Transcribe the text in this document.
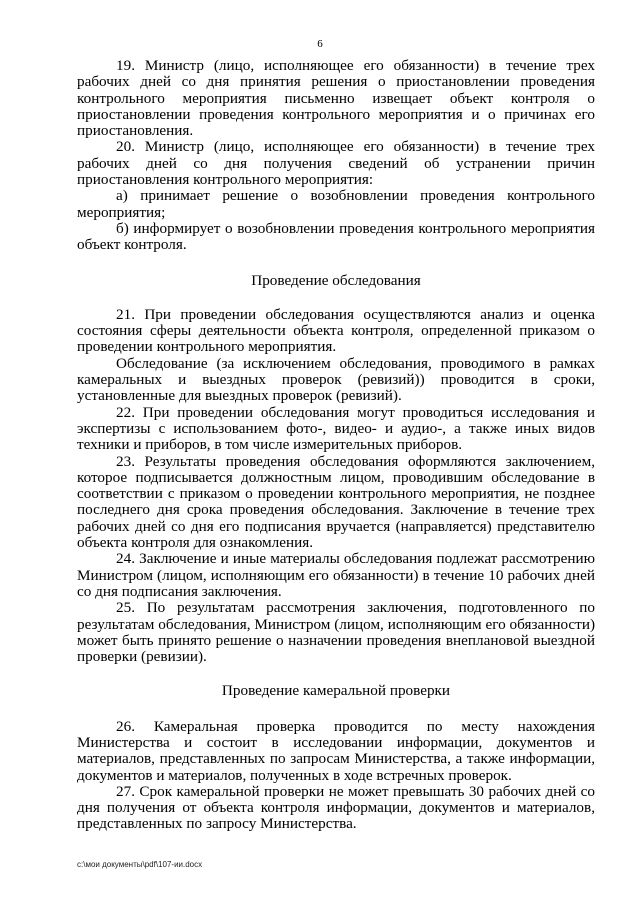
6

19. Министр (лицо, исполняющее его обязанности) в течение трех рабочих дней со дня принятия решения о приостановлении проведения контрольного мероприятия письменно извещает объект контроля о приостановлении проведения контрольного мероприятия и о причинах его приостановления.

20. Министр (лицо, исполняющее его обязанности) в течение трех рабочих дней со дня получения сведений об устранении причин приостановления контрольного мероприятия:

а) принимает решение о возобновлении проведения контрольного мероприятия;

б) информирует о возобновлении проведения контрольного мероприятия объект контроля.

Проведение обследования

21. При проведении обследования осуществляются анализ и оценка состояния сферы деятельности объекта контроля, определенной приказом о проведении контрольного мероприятия.

Обследование (за исключением обследования, проводимого в рамках камеральных и выездных проверок (ревизий)) проводится в сроки, установленные для выездных проверок (ревизий).

22. При проведении обследования могут проводиться исследования и экспертизы с использованием фото-, видео- и аудио-, а также иных видов техники и приборов, в том числе измерительных приборов.

23. Результаты проведения обследования оформляются заключением, которое подписывается должностным лицом, проводившим обследование в соответствии с приказом о проведении контрольного мероприятия, не позднее последнего дня срока проведения обследования. Заключение в течение трех рабочих дней со дня его подписания вручается (направляется) представителю объекта контроля для ознакомления.

24. Заключение и иные материалы обследования подлежат рассмотрению Министром (лицом, исполняющим его обязанности) в течение 10 рабочих дней со дня подписания заключения.

25. По результатам рассмотрения заключения, подготовленного по результатам обследования, Министром (лицом, исполняющим его обязанности) может быть принято решение о назначении проведения внеплановой выездной проверки (ревизии).

Проведение камеральной проверки

26. Камеральная проверка проводится по месту нахождения Министерства и состоит в исследовании информации, документов и материалов, представленных по запросам Министерства, а также информации, документов и материалов, полученных в ходе встречных проверок.

27. Срок камеральной проверки не может превышать 30 рабочих дней со дня получения от объекта контроля информации, документов и материалов, представленных по запросу Министерства.

c:\мои документы\pdf\107-ии.docx
